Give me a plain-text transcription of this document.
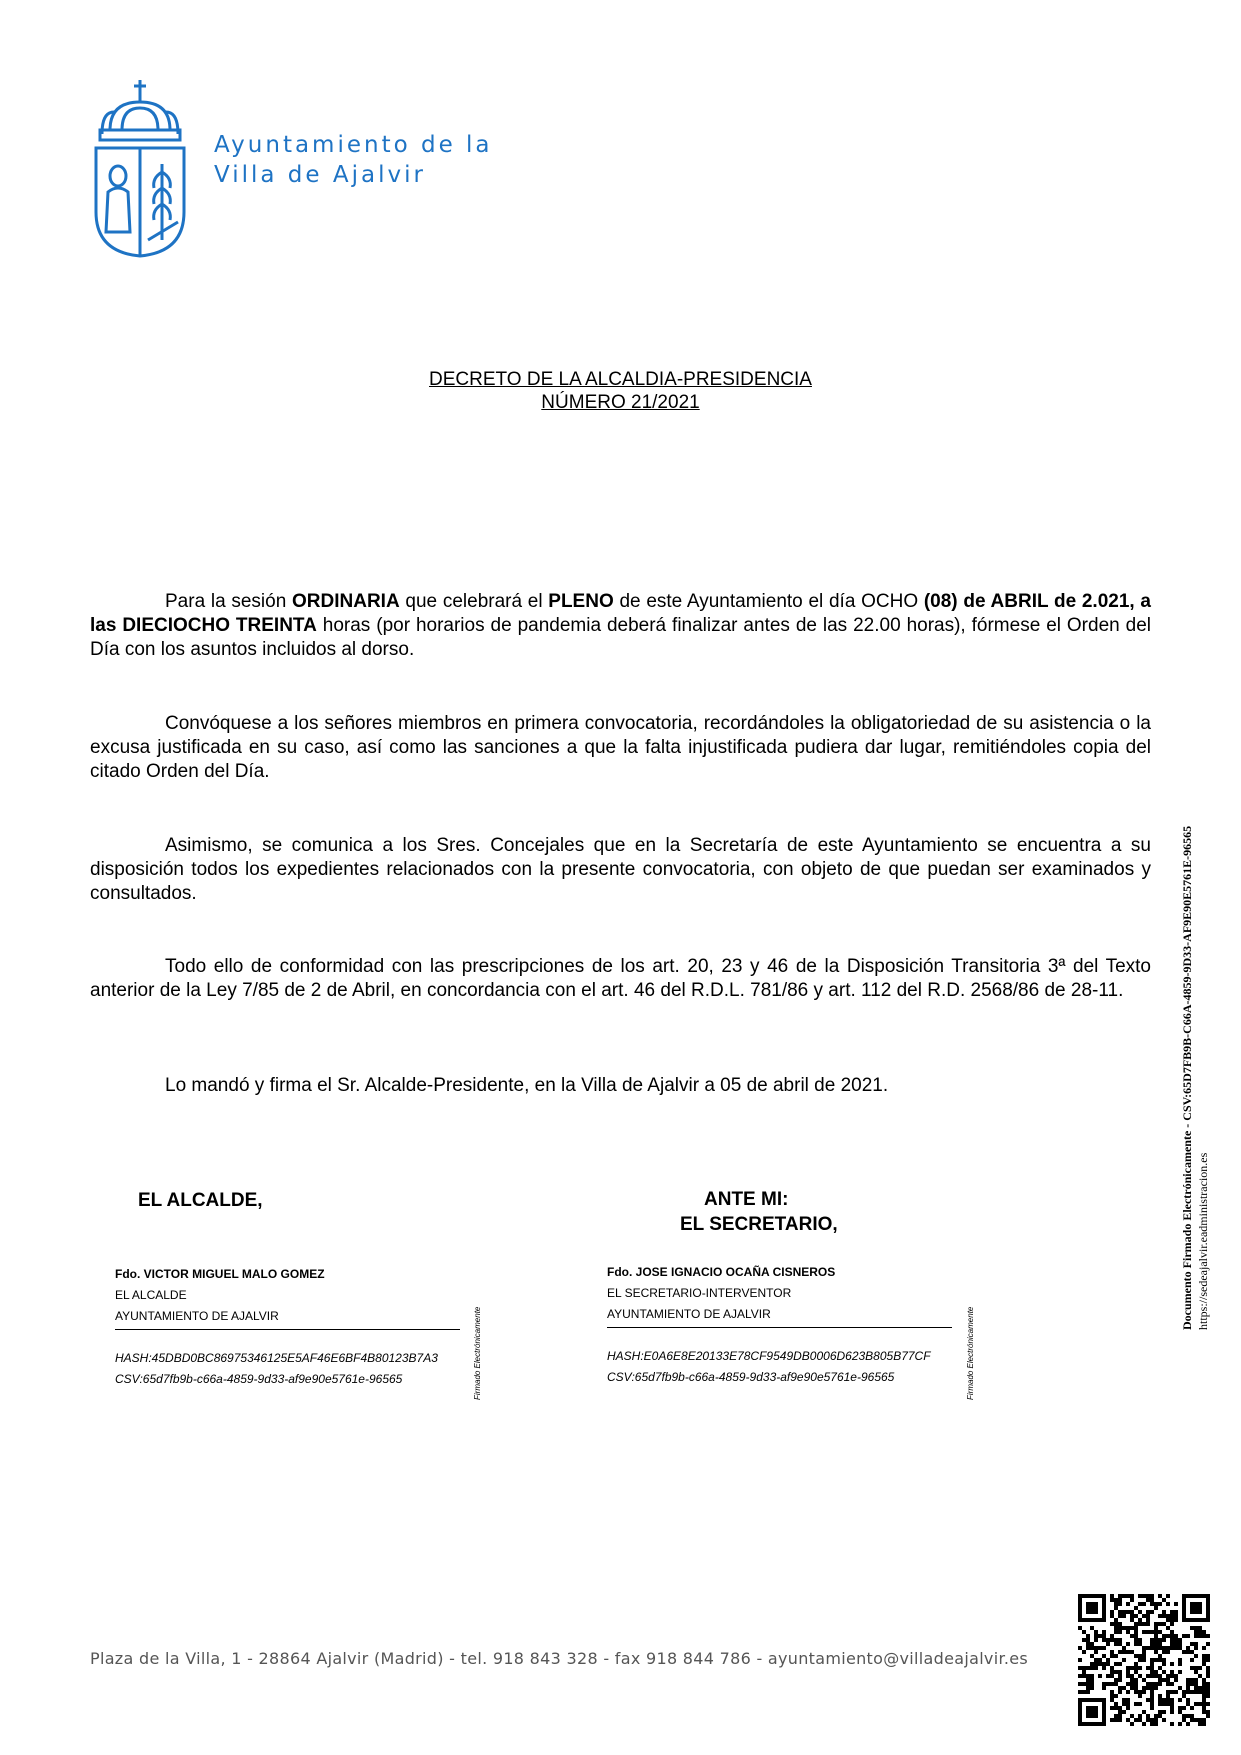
Ayuntamiento de la
Villa de Ajalvir
DECRETO DE LA ALCALDIA-PRESIDENCIA
NÚMERO 21/2021

Para la sesión ORDINARIA que celebrará el PLENO de este Ayuntamiento el día OCHO (08) de ABRIL de 2.021, a las DIECIOCHO TREINTA horas (por horarios de pandemia deberá finalizar antes de las 22.00 horas), fórmese el Orden del Día con los asuntos incluidos al dorso.

Convóquese a los señores miembros en primera convocatoria, recordándoles la obligatoriedad de su asistencia o la excusa justificada en su caso, así como las sanciones a que la falta injustificada pudiera dar lugar, remitiéndoles copia del citado Orden del Día.

Asimismo, se comunica a los Sres. Concejales que en la Secretaría de este Ayuntamiento se encuentra a su disposición todos los expedientes relacionados con la presente convocatoria, con objeto de que puedan ser examinados y consultados.

Todo ello de conformidad con las prescripciones de los art. 20, 23 y 46 de la Disposición Transitoria 3ª del Texto anterior de la Ley 7/85 de 2 de Abril, en concordancia con el art. 46 del R.D.L. 781/86 y art. 112 del R.D. 2568/86 de 28-11.

Lo mandó y firma el Sr. Alcalde-Presidente, en la Villa de Ajalvir a 05 de abril de 2021.

EL ALCALDE,	ANTE MI:
EL SECRETARIO,
Fdo. VICTOR MIGUEL MALO GOMEZ
EL ALCALDE
AYUNTAMIENTO DE AJALVIR
HASH:45DBD0BC86975346125E5AF46E6BF4B80123B7A3
CSV:65d7fb9b-c66a-4859-9d33-af9e90e5761e-96565	Firmado Electrónicamente
Fdo. JOSE IGNACIO OCAÑA CISNEROS
EL SECRETARIO-INTERVENTOR
AYUNTAMIENTO DE AJALVIR
HASH:E0A6E8E20133E78CF9549DB0006D623B805B77CF
CSV:65d7fb9b-c66a-4859-9d33-af9e90e5761e-96565	Firmado Electrónicamente
Documento Firmado Electrónicamente - CSV:65D7FB9B-C66A-4859-9D33-AF9E90E5761E-96565 https://sedeajalvir.eadministracion.es
Plaza de la Villa, 1 - 28864 Ajalvir (Madrid) - tel. 918 843 328 - fax 918 844 786 - ayuntamiento@villadeajalvir.es
